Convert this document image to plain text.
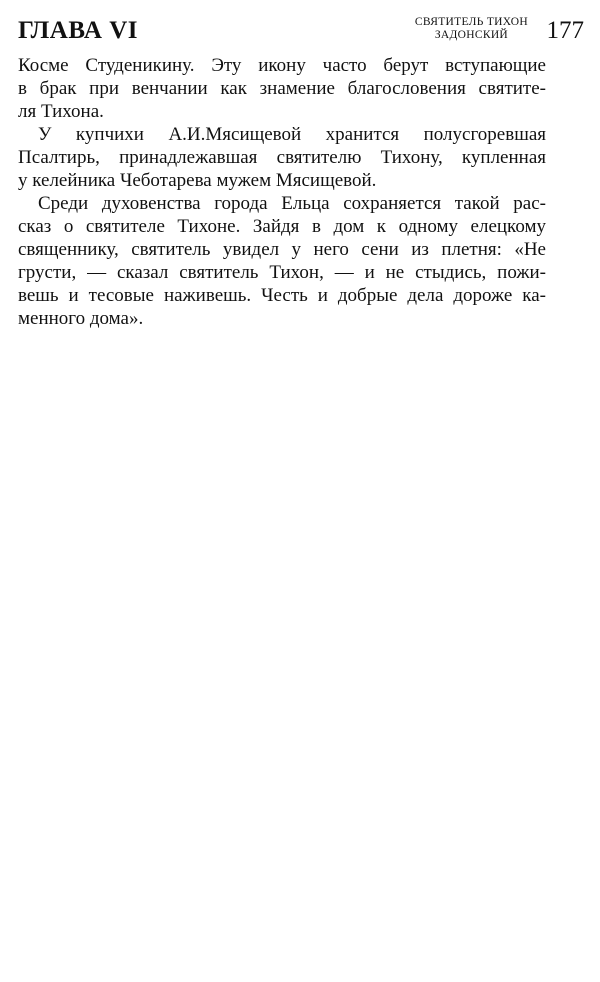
ГЛАВА VI	СВЯТИТЕЛЬ ТИХОН
ЗАДОНСКИЙ	177
Косме Студеникину. Эту икону часто берут вступающие
в брак при венчании как знамение благословения святите-
ля Тихона.
У купчихи А.И.Мясищевой хранится полусгоревшая
Псалтирь, принадлежавшая святителю Тихону, купленная
у келейника Чеботарева мужем Мясищевой.
Среди духовенства города Ельца сохраняется такой рас-
сказ о святителе Тихоне. Зайдя в дом к одному елецкому
священнику, святитель увидел у него сени из плетня: «Не
грусти, — сказал святитель Тихон, — и не стыдись, пожи-
вешь и тесовые наживешь. Честь и добрые дела дороже ка-
менного дома».
